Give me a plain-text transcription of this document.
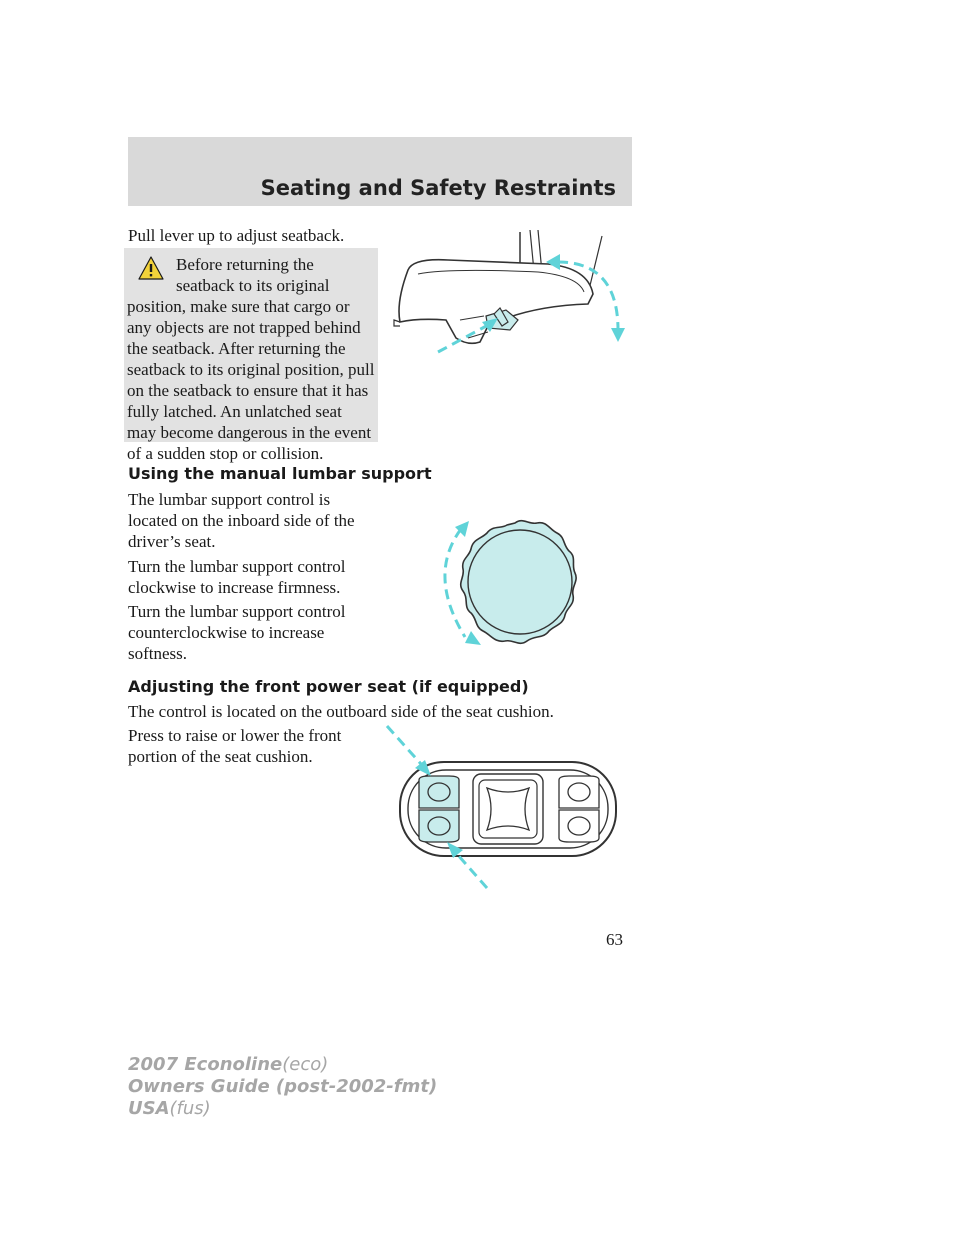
Seating and Safety Restraints

Pull lever up to adjust seatback.

Before returning the
seatback to its original
position, make sure that cargo or any objects are not trapped behind the seatback. After returning the seatback to its original position, pull on the seatback to ensure that it has fully latched. An unlatched seat may become dangerous in the event of a sudden stop or collision.
Using the manual lumbar support

The lumbar support control is located on the inboard side of the driver’s seat.

Turn the lumbar support control clockwise to increase firmness.

Turn the lumbar support control counterclockwise to increase softness.

Adjusting the front power seat (if equipped)

The control is located on the outboard side of the seat cushion.

Press to raise or lower the front portion of the seat cushion.

63
2007 Econoline(eco)
Owners Guide (post-2002-fmt)
USA(fus)
